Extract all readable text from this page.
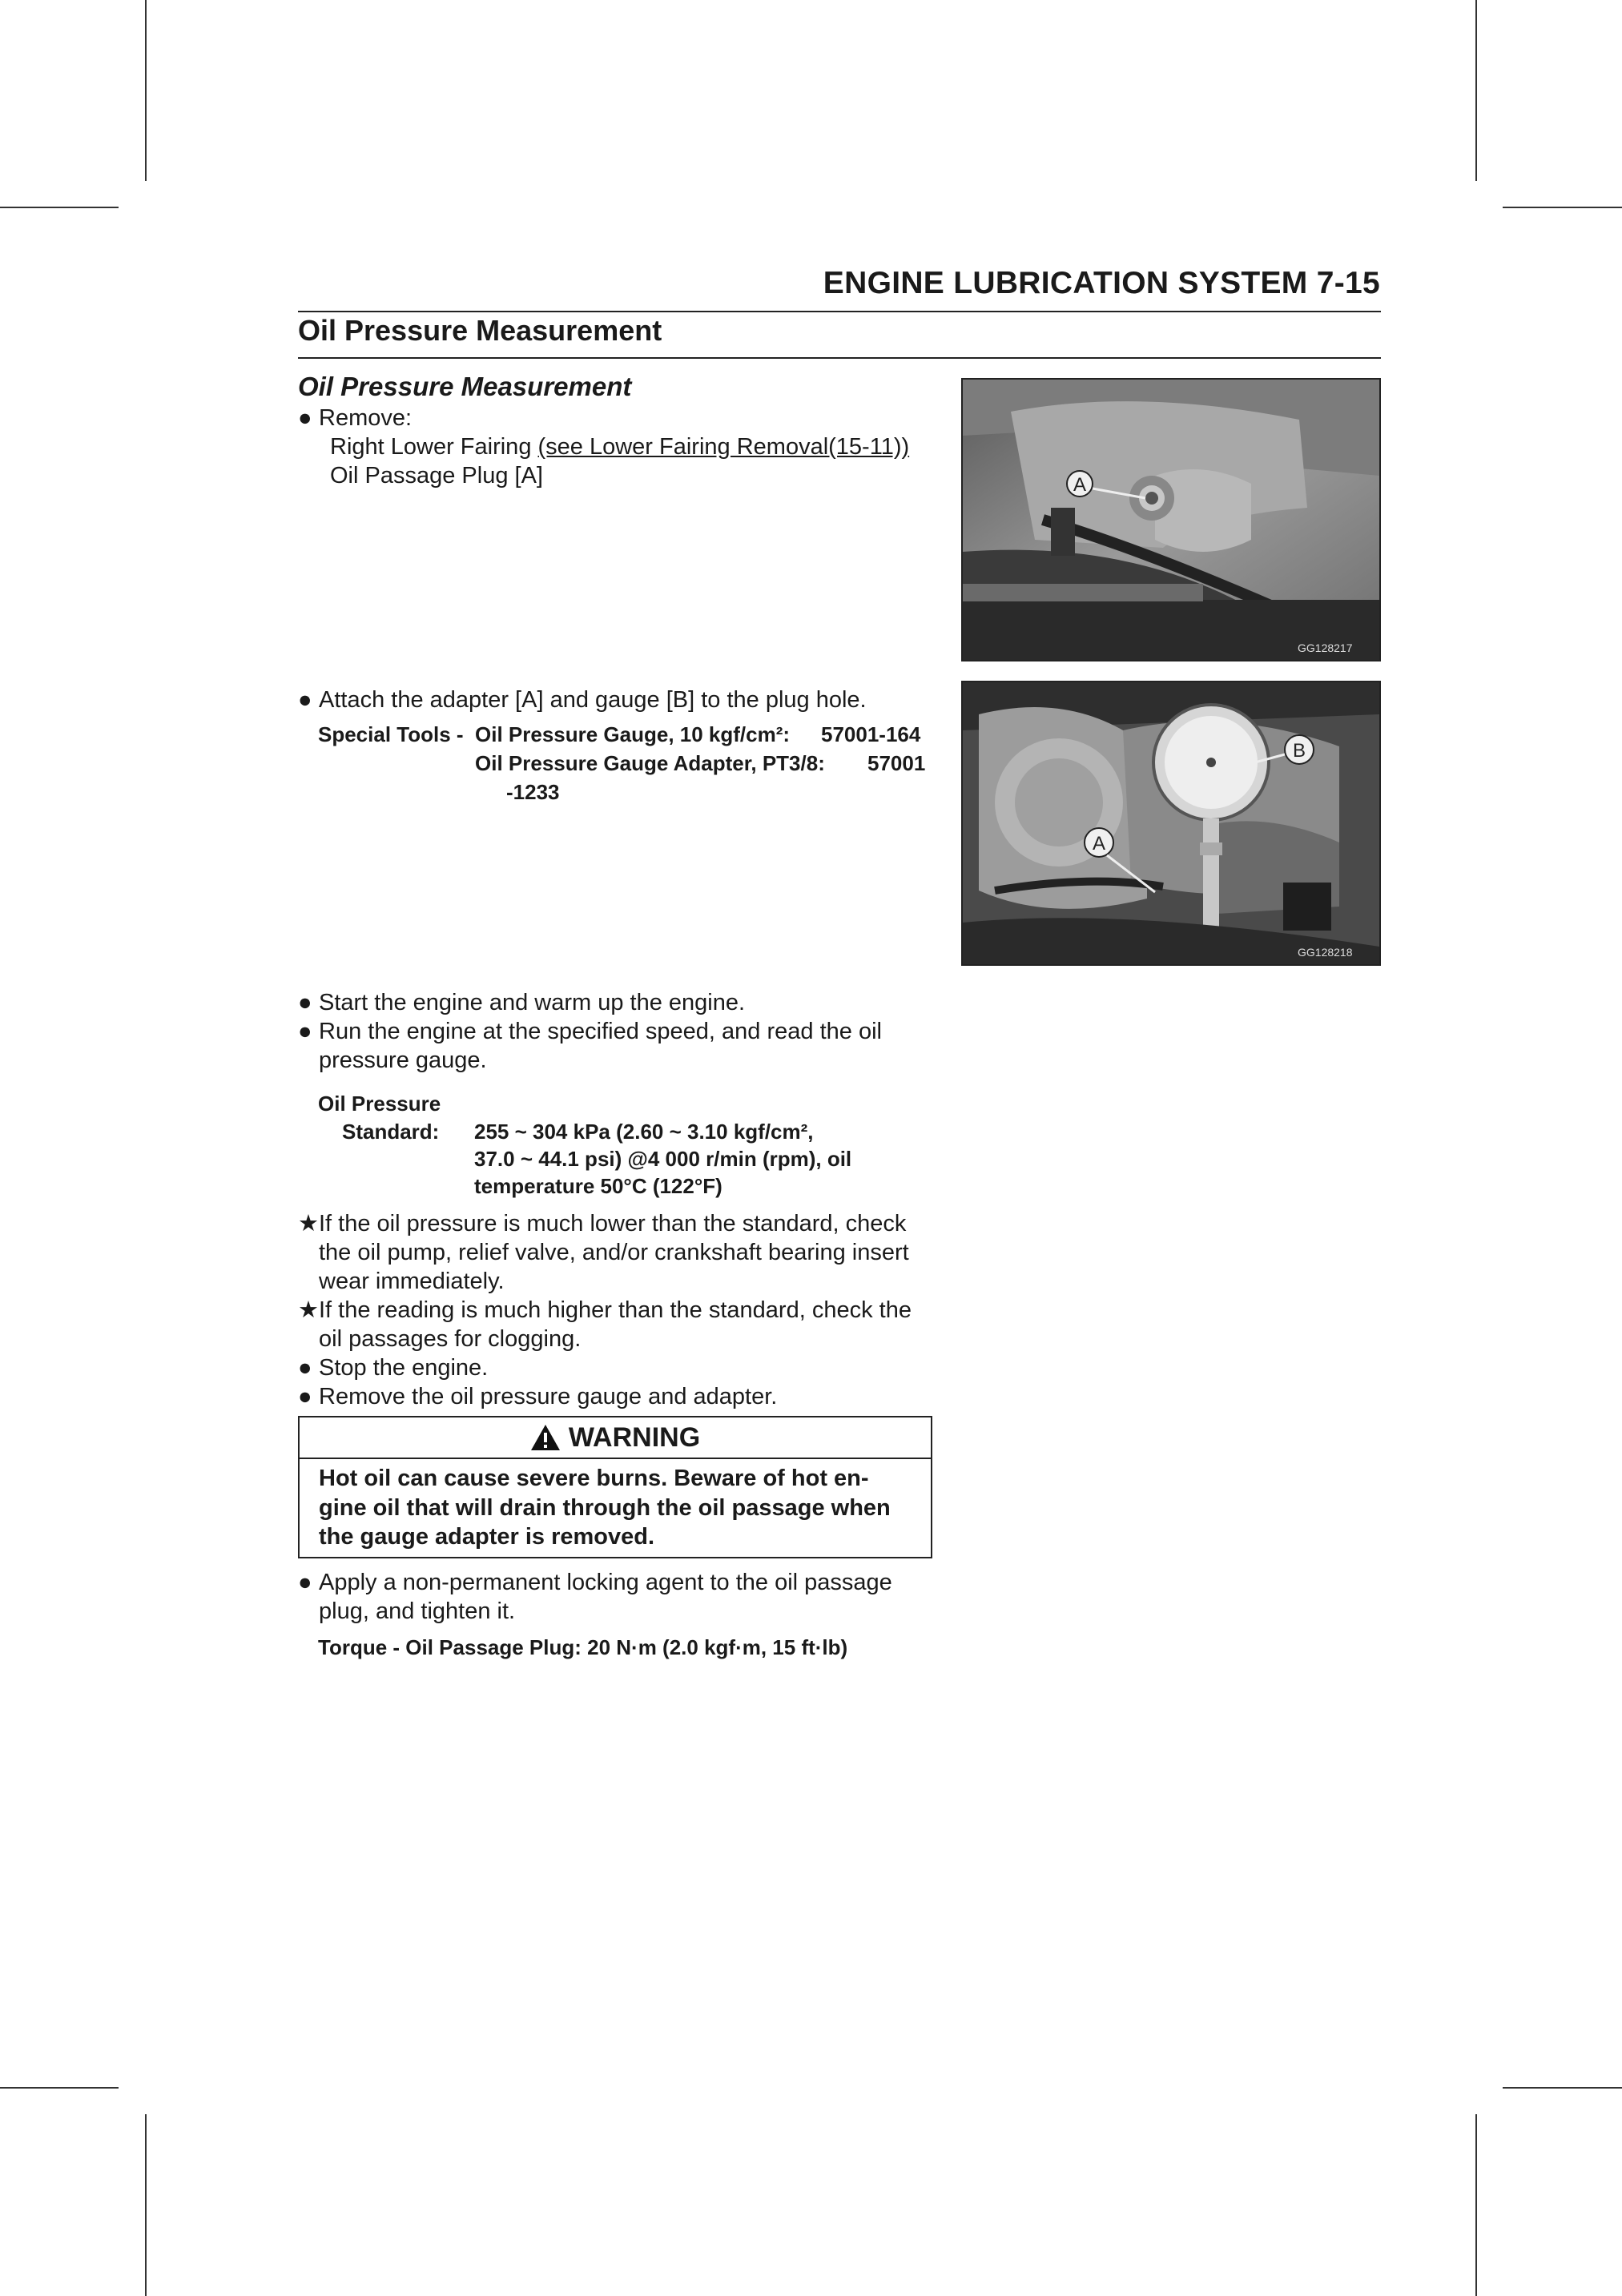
ENGINE LUBRICATION SYSTEM 7-15
Oil Pressure Measurement
Oil Pressure Measurement
● Remove:
Right Lower Fairing (see Lower Fairing Removal(15-11))
Oil Passage Plug [A]	A
GG128217
● Attach the adapter [A] and gauge [B] to the plug hole.
Special Tools - Oil Pressure Gauge, 10 kgf/cm²: 57001-164
Oil Pressure Gauge Adapter, PT3/8: 57001
-1233
B
A
GG128218
● Start the engine and warm up the engine.
● Run the engine at the specified speed, and read the oil
pressure gauge.
Oil Pressure
Standard: 255 ~ 304 kPa (2.60 ~ 3.10 kgf/cm²,
37.0 ~ 44.1 psi) @4 000 r/min (rpm), oil
temperature 50°C (122°F)
★ If the oil pressure is much lower than the standard, check
the oil pump, relief valve, and/or crankshaft bearing insert
wear immediately.
★ If the reading is much higher than the standard, check the
oil passages for clogging.
● Stop the engine.
● Remove the oil pressure gauge and adapter.
WARNING
Hot oil can cause severe burns. Beware of hot en-
gine oil that will drain through the oil passage when
the gauge adapter is removed.
● Apply a non-permanent locking agent to the oil passage
plug, and tighten it.
Torque - Oil Passage Plug: 20 N·m (2.0 kgf·m, 15 ft·lb)
